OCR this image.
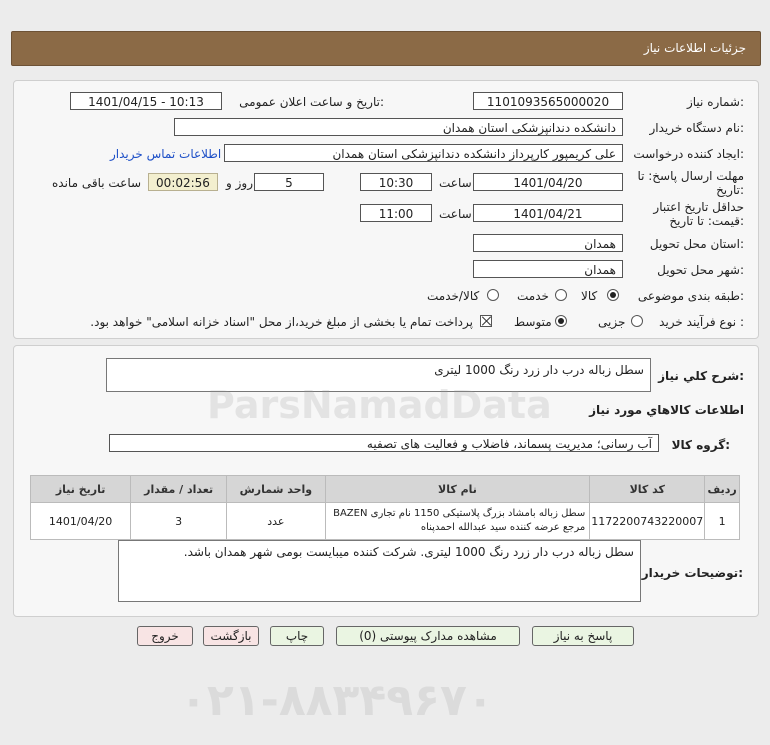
جزئیات اطلاعات نیاز
شماره نیاز:
1101093565000020
تاریخ و ساعت اعلان عمومی:
1401/04/15 - 10:13
نام دستگاه خریدار:
دانشکده دندانپزشکی استان همدان
ایجاد کننده درخواست:
علی کریمپور کارپرداز دانشکده دندانپزشکی استان همدان
اطلاعات تماس خریدار
مهلت ارسال پاسخ: تا
تاریخ:
1401/04/20
ساعت
10:30
5
روز و
00:02:56
ساعت باقی مانده
حداقل تاریخ اعتبار
قیمت: تا تاریخ:
1401/04/21
ساعت
11:00
استان محل تحویل:
همدان
شهر محل تحویل:
همدان
طبقه بندی موضوعی:
کالا
خدمت
کالا/خدمت
نوع فرآیند خرید :
جزیی
متوسط
پرداخت تمام یا بخشی از مبلغ خرید،از محل "اسناد خزانه اسلامی" خواهد بود.
شرح کلي نياز:
سطل زباله درب دار زرد رنگ 1000 لیتری
اطلاعات کالاهاي مورد نياز
گروه کالا:
آب رسانی؛ مدیریت پسماند، فاضلاب و فعالیت های تصفیه
ردیف	کد کالا	نام کالا	واحد شمارش	تعداد / مقدار	تاریخ نیاز
1	1172200743220007	سطل زباله بامشاد بزرگ پلاستیکی 1150 نام تجاری BAZEN
مرجع عرضه کننده سید عبدالله احمدپناه	عدد	3	1401/04/20
توضیحات خریدار:
سطل زباله درب دار زرد رنگ 1000 لیتری. شرکت کننده میبایست بومی شهر همدان باشد.
ParsNamadData
۰۲۱-۸۸۳۴۹۶۷۰
پاسخ به نیاز
مشاهده مدارک پیوستی (0)
چاپ
بازگشت
خروج
